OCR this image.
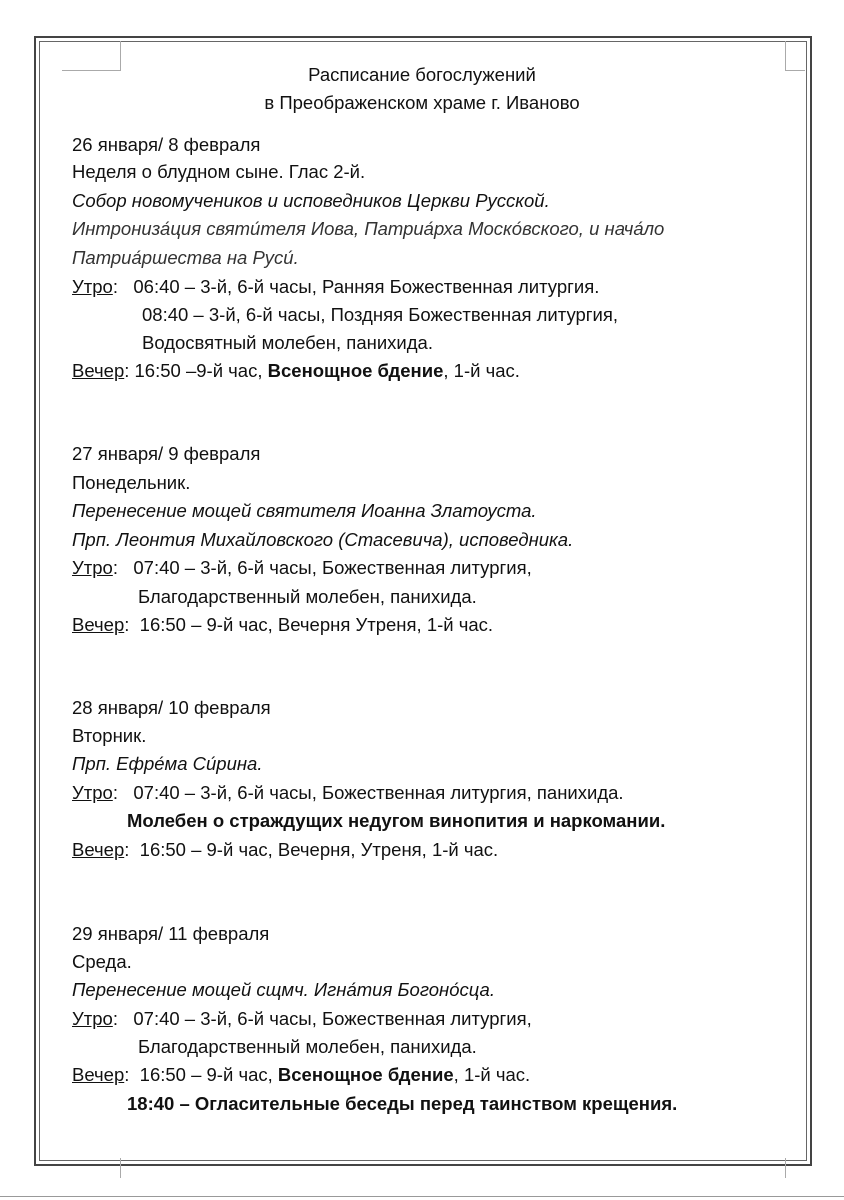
Расписание богослужений
в Преображенском храме г. Иваново
26 января/ 8 февраля
Неделя о блудном сыне. Глас 2-й.
Собор новомучеников и исповедников Церкви Русской.
Интрониза́ция святи́теля Иова, Патриа́рха Моско́вского, и нача́ло
Патриа́ршества на Руси́.
Утро:   06:40 – 3-й, 6-й часы, Ранняя Божественная литургия.
08:40 – 3-й, 6-й часы, Поздняя Божественная литургия,
Водосвятный молебен, панихида.
Вечер: 16:50 –9-й час, Всенощное бдение, 1-й час.
27 января/ 9 февраля
Понедельник.
Перенесение мощей святителя Иоанна Златоуста.
Прп. Леонтия Михайловского (Стасевича), исповедника.
Утро:   07:40 – 3-й, 6-й часы, Божественная литургия,
Благодарственный молебен, панихида.
Вечер:  16:50 – 9-й час, Вечерня Утреня, 1-й час.
28 января/ 10 февраля
Вторник.
Прп. Ефре́ма Си́рина.
Утро:   07:40 – 3-й, 6-й часы, Божественная литургия, панихида.
Молебен о страждущих недугом винопития и наркомании.
Вечер:  16:50 – 9-й час, Вечерня, Утреня, 1-й час.
29 января/ 11 февраля
Среда.
Перенесение мощей сщмч. Игна́тия Богоно́сца.
Утро:   07:40 – 3-й, 6-й часы, Божественная литургия,
Благодарственный молебен, панихида.
Вечер:  16:50 – 9-й час, Всенощное бдение, 1-й час.
18:40 – Огласительные беседы перед таинством крещения.
